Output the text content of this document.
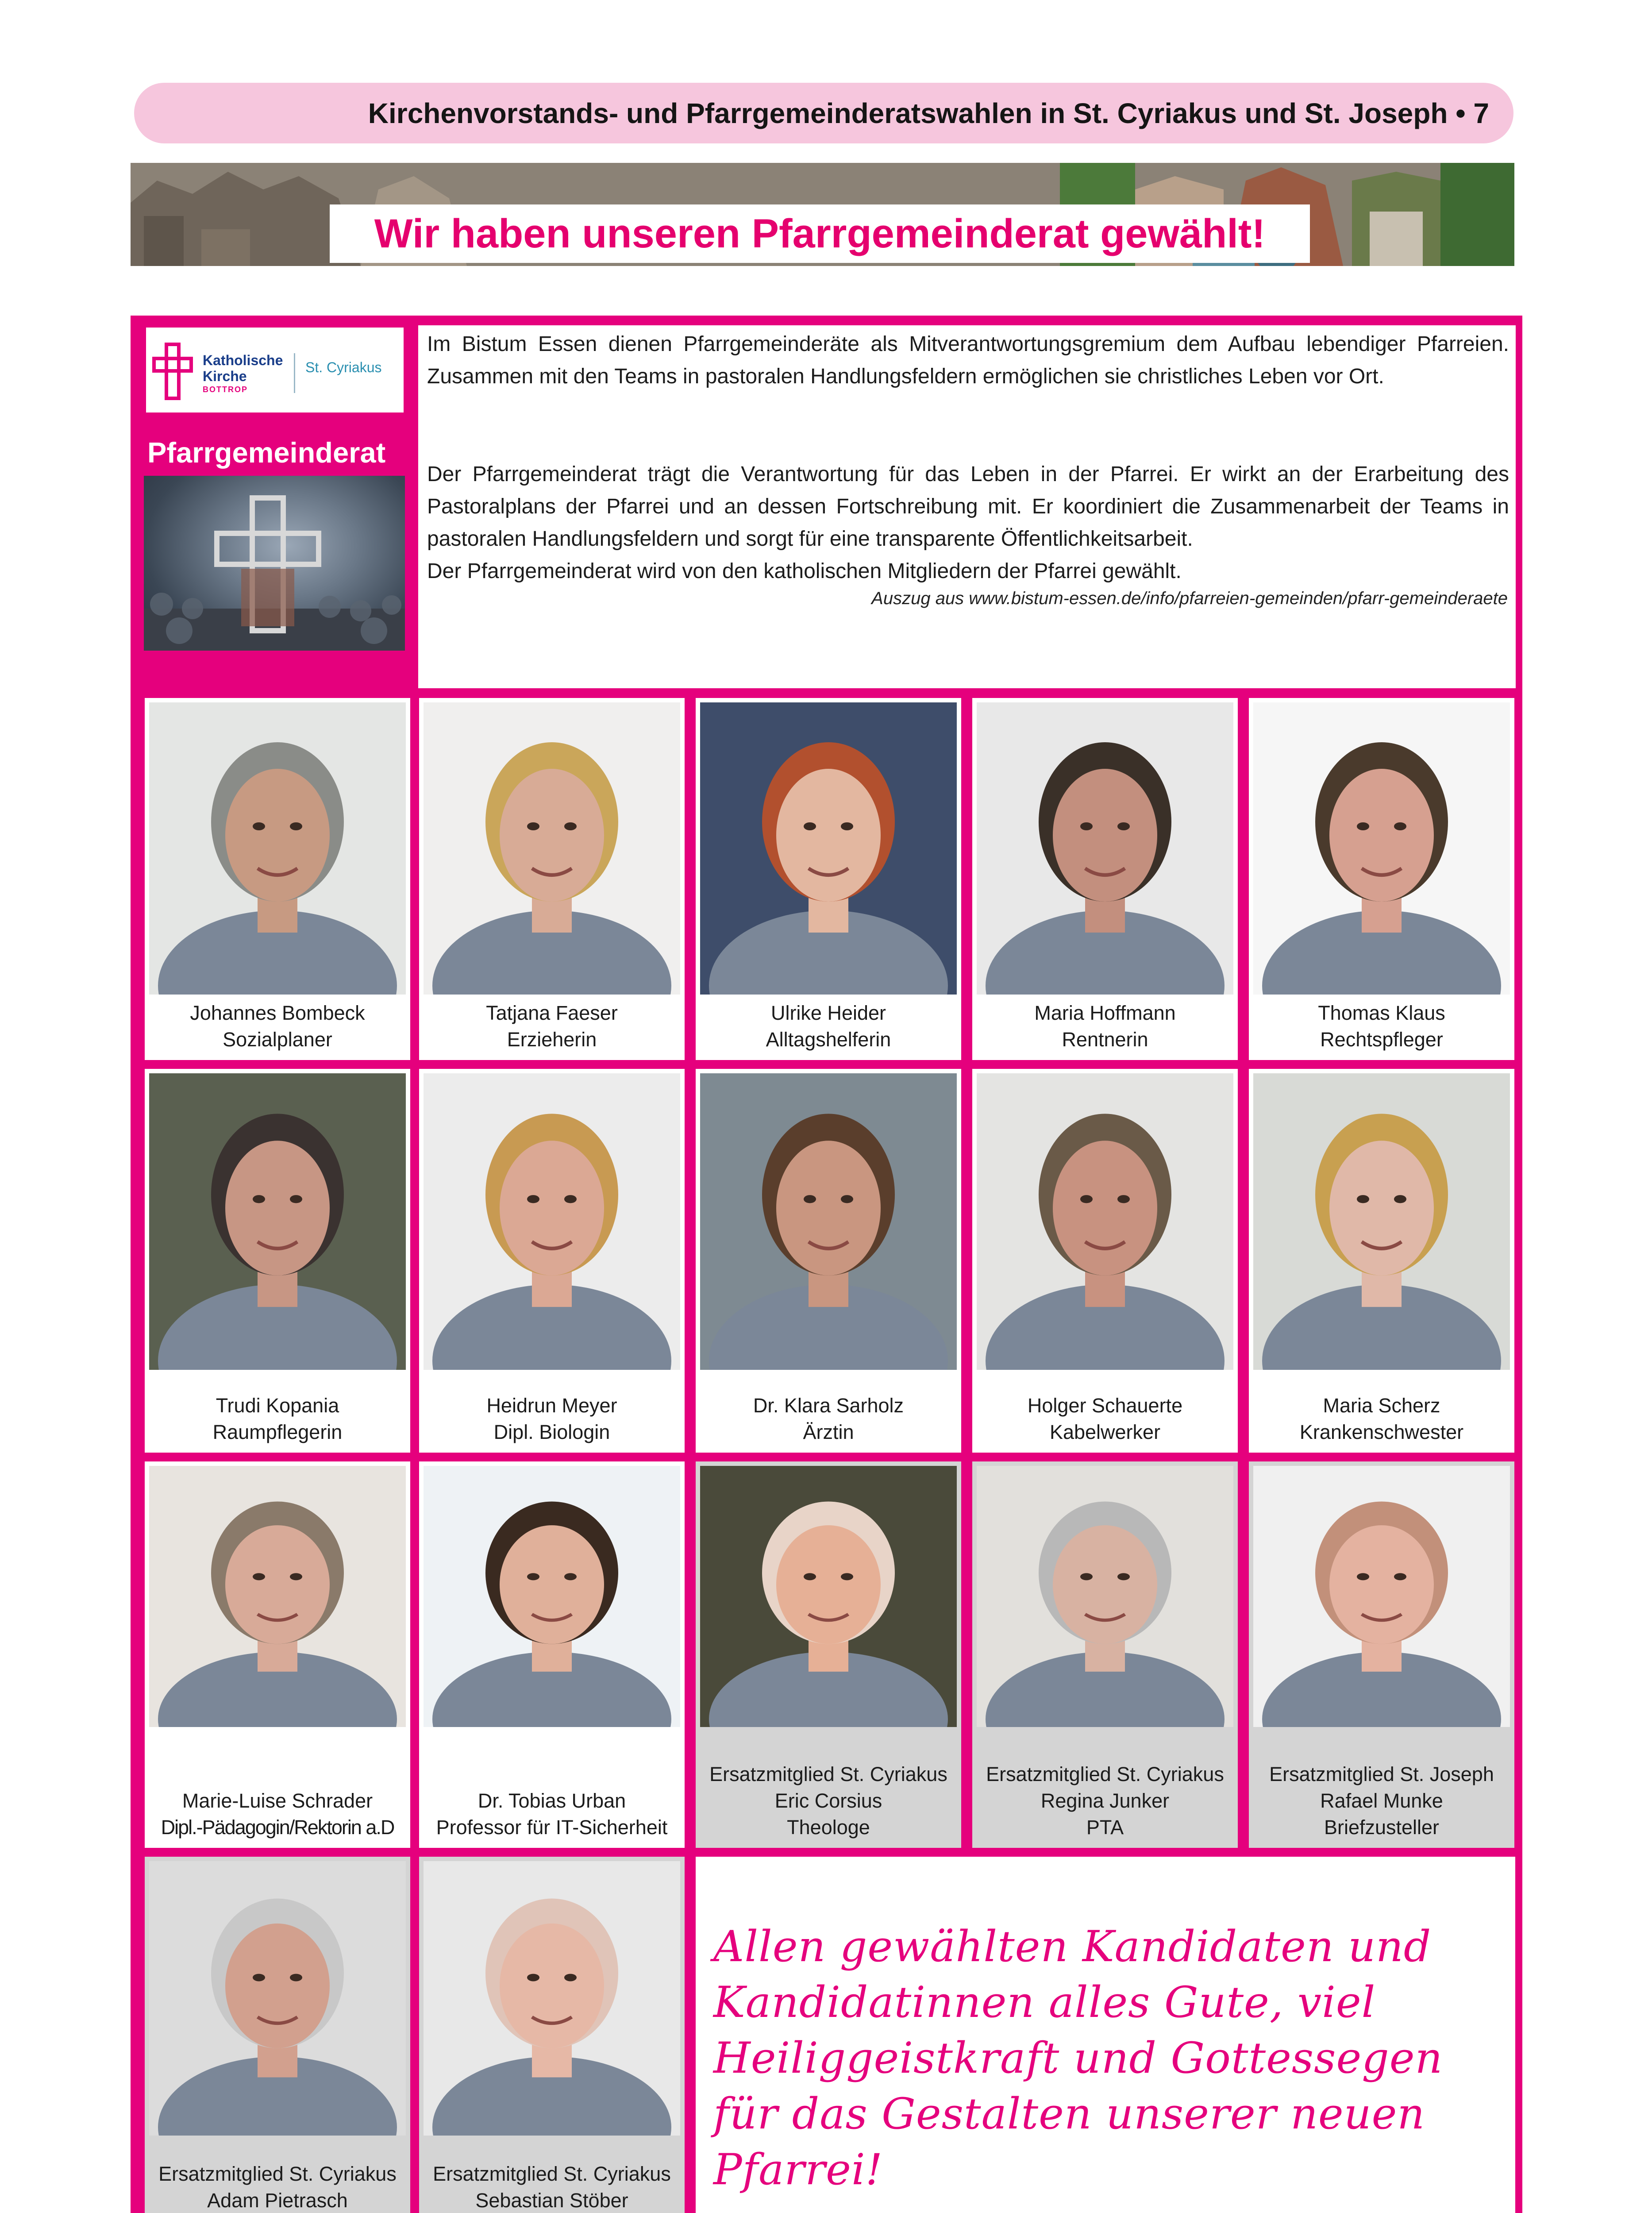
Kirchenvorstands- und Pfarrgemeinderatswahlen in St. Cyriakus und St. Joseph • 7
Wir haben unseren Pfarrgemeinderat gewählt!
Katholische
Kirche
BOTTROP
St. Cyriakus
Pfarrgemeinderat
Im Bistum Essen dienen Pfarrgemeinderäte als Mitverantwortungsgremium dem Aufbau lebendiger Pfarreien. Zusammen mit den Teams in pastoralen Handlungsfeldern ermöglichen sie christliches Leben vor Ort.
Der Pfarrgemeinderat trägt die Verantwortung für das Leben in der Pfarrei. Er wirkt an der Erarbeitung des Pastoralplans der Pfarrei und an dessen Fortschreibung mit. Er koordiniert die Zusammenarbeit der Teams in pastoralen Handlungsfeldern und sorgt für eine transparente Öffentlichkeitsarbeit.
Der Pfarrgemeinderat wird von den katholischen Mitgliedern der Pfarrei gewählt.
Auszug aus www.bistum-essen.de/info/pfarreien-gemeinden/pfarr-gemeinderaete
Johannes Bombeck
Sozialplaner
Tatjana Faeser
Erzieherin
Ulrike Heider
Alltagshelferin
Maria Hoffmann
Rentnerin
Thomas Klaus
Rechtspfleger
Trudi Kopania
Raumpflegerin
Heidrun Meyer
Dipl. Biologin
Dr. Klara Sarholz
Ärztin
Holger Schauerte
Kabelwerker
Maria Scherz
Krankenschwester
Marie-Luise Schrader
Dipl.-Pädagogin/Rektorin a.D
Dr. Tobias Urban
Professor für IT-Sicherheit
Ersatzmitglied St. Cyriakus
Eric Corsius
Theologe
Ersatzmitglied St. Cyriakus
Regina Junker
PTA
Ersatzmitglied St. Joseph
Rafael Munke
Briefzusteller
Ersatzmitglied St. Cyriakus
Adam Pietrasch
Ersatzmitglied St. Cyriakus
Sebastian Stöber
Allen gewählten Kandidaten und Kandidatinnen alles Gute, viel Heiliggeistkraft und Gottessegen für das Gestalten unserer neuen Pfarrei!
